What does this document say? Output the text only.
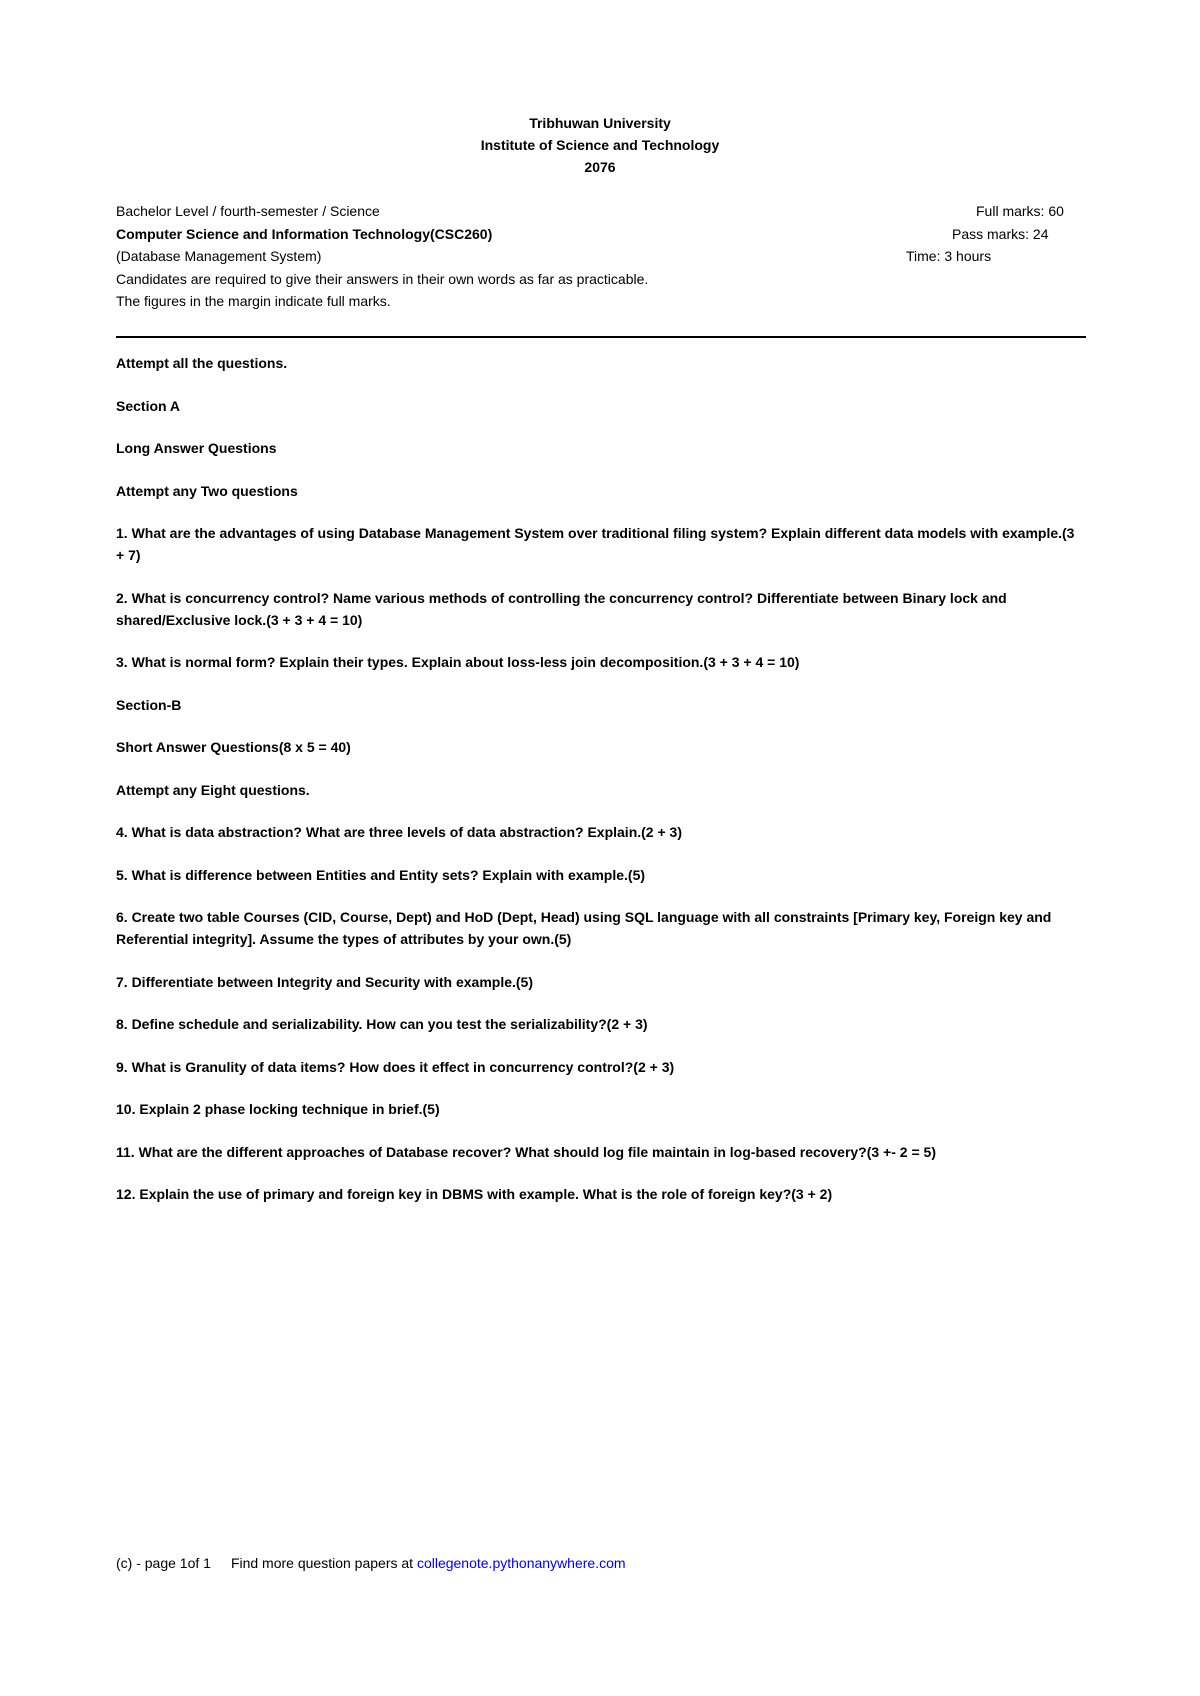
Tribhuwan University
Institute of Science and Technology
2076
Bachelor Level / fourth-semester / Science	Full marks: 60
Computer Science and Information Technology(CSC260)	Pass marks: 24
(Database Management System)	Time: 3 hours
Candidates are required to give their answers in their own words as far as practicable.
The figures in the margin indicate full marks.
Attempt all the questions.
Section A
Long Answer Questions
Attempt any Two questions
1. What are the advantages of using Database Management System over traditional filing system? Explain different data models with example.(3 + 7)
2. What is concurrency control? Name various methods of controlling the concurrency control? Differentiate between Binary lock and shared/Exclusive lock.(3 + 3 + 4 = 10)
3. What is normal form? Explain their types. Explain about loss-less join decomposition.(3 + 3 + 4 = 10)
Section-B
Short Answer Questions(8 x 5 = 40)
Attempt any Eight questions.
4. What is data abstraction? What are three levels of data abstraction? Explain.(2 + 3)
5. What is difference between Entities and Entity sets? Explain with example.(5)
6. Create two table Courses (CID, Course, Dept) and HoD (Dept, Head) using SQL language with all constraints [Primary key, Foreign key and Referential integrity]. Assume the types of attributes by your own.(5)
7. Differentiate between Integrity and Security with example.(5)
8. Define schedule and serializability. How can you test the serializability?(2 + 3)
9. What is Granulity of data items? How does it effect in concurrency control?(2 + 3)
10. Explain 2 phase locking technique in brief.(5)
11. What are the different approaches of Database recover? What should log file maintain in log-based recovery?(3 +- 2 = 5)
12. Explain the use of primary and foreign key in DBMS with example. What is the role of foreign key?(3 + 2)
(c) - page 1of 1 Find more question papers at collegenote.pythonanywhere.com
